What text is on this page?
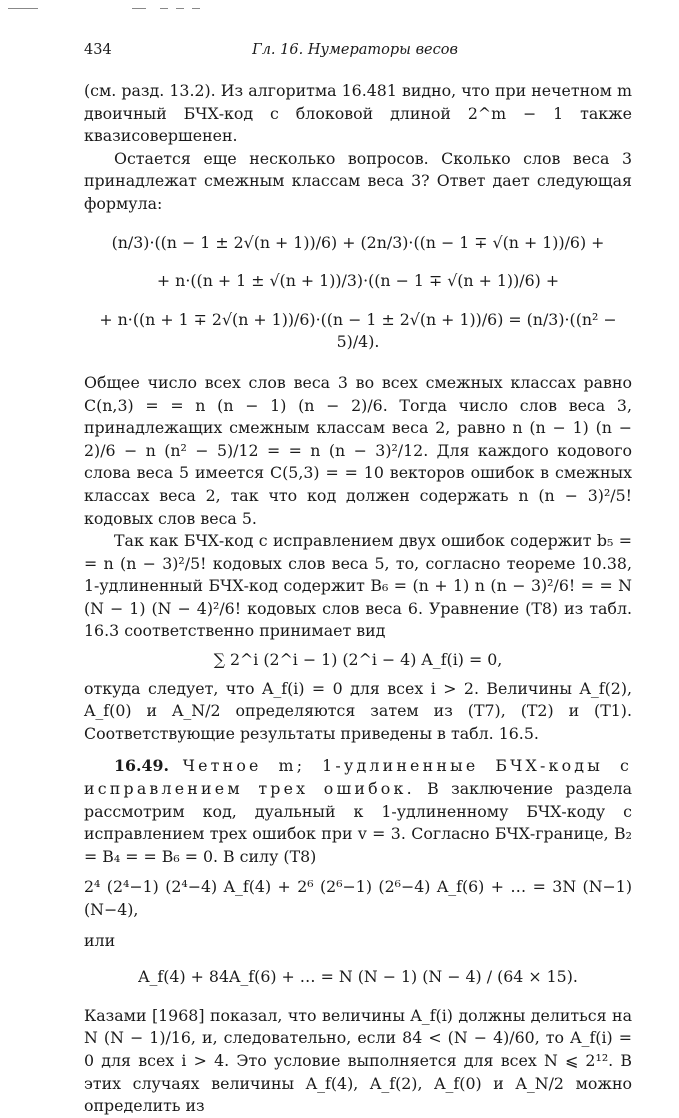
434	Гл. 16. Нумераторы весов

(см. разд. 13.2). Из алгоритма 16.481 видно, что при нечетном m двоичный БЧХ-код с блоковой длиной 2^m − 1 также квазисовершенен.

Остается еще несколько вопросов. Сколько слов веса 3 принадлежат смежным классам веса 3? Ответ дает следующая формула:

(n/3)·((n − 1 ± 2√(n + 1))/6) + (2n/3)·((n − 1 ∓ √(n + 1))/6) +

+ n·((n + 1 ± √(n + 1))/3)·((n − 1 ∓ √(n + 1))/6) +

+ n·((n + 1 ∓ 2√(n + 1))/6)·((n − 1 ± 2√(n + 1))/6) = (n/3)·((n² − 5)/4).

Общее число всех слов веса 3 во всех смежных классах равно C(n,3) = = n (n − 1) (n − 2)/6. Тогда число слов веса 3, принадлежащих смежным классам веса 2, равно n (n − 1) (n − 2)/6 − n (n² − 5)/12 = = n (n − 3)²/12. Для каждого кодового слова веса 5 имеется C(5,3) = = 10 векторов ошибок в смежных классах веса 2, так что код должен содержать n (n − 3)²/5! кодовых слов веса 5.

Так как БЧХ-код с исправлением двух ошибок содержит b₅ = = n (n − 3)²/5! кодовых слов веса 5, то, согласно теореме 10.38, 1-удлиненный БЧХ-код содержит B₆ = (n + 1) n (n − 3)²/6! = = N (N − 1) (N − 4)²/6! кодовых слов веса 6. Уравнение (T8) из табл. 16.3 соответственно принимает вид

∑ 2^i (2^i − 1) (2^i − 4) A_f(i) = 0,

откуда следует, что A_f(i) = 0 для всех i > 2. Величины A_f(2), A_f(0) и A_N/2 определяются затем из (T7), (T2) и (T1). Соответствующие результаты приведены в табл. 16.5.

16.49. Четное m; 1-удлиненные БЧХ-коды с исправлением трех ошибок. В заключение раздела рассмотрим код, дуальный к 1-удлиненному БЧХ-коду с исправлением трех ошибок при v = 3. Согласно БЧХ-границе, B₂ = B₄ = = B₆ = 0. В силу (T8)

2⁴ (2⁴−1) (2⁴−4) A_f(4) + 2⁶ (2⁶−1) (2⁶−4) A_f(6) + … = 3N (N−1) (N−4),

или

A_f(4) + 84A_f(6) + … = N (N − 1) (N − 4) / (64 × 15).

Казами [1968] показал, что величины A_f(i) должны делиться на N (N − 1)/16, и, следовательно, если 84 < (N − 4)/60, то A_f(i) = 0 для всех i > 4. Это условие выполняется для всех N ⩽ 2¹². В этих случаях величины A_f(4), A_f(2), A_f(0) и A_N/2 можно определить из
